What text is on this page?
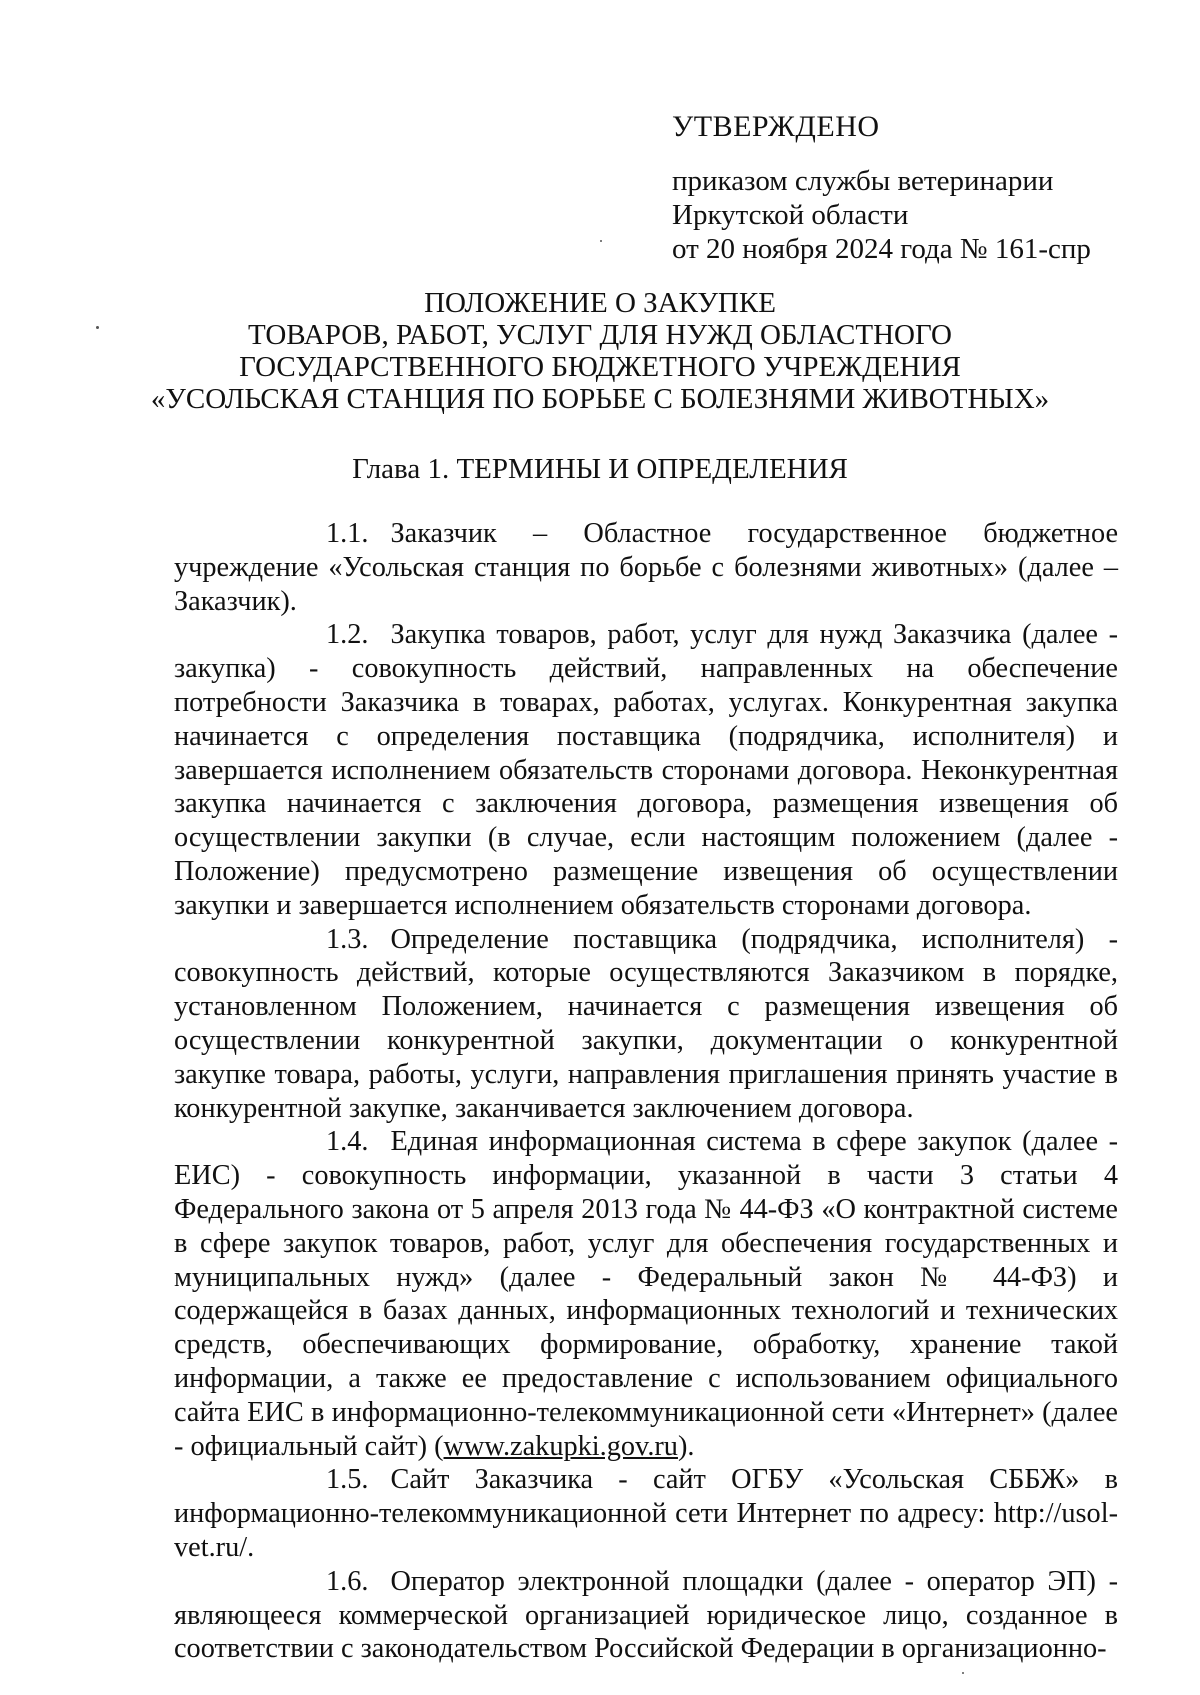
УТВЕРЖДЕНО
приказом службы ветеринарии
Иркутской области
от 20 ноября 2024 года № 161-спр
ПОЛОЖЕНИЕ О ЗАКУПКЕ
ТОВАРОВ, РАБОТ, УСЛУГ ДЛЯ НУЖД ОБЛАСТНОГО
ГОСУДАРСТВЕННОГО БЮДЖЕТНОГО УЧРЕЖДЕНИЯ
«УСОЛЬСКАЯ СТАНЦИЯ ПО БОРЬБЕ С БОЛЕЗНЯМИ ЖИВОТНЫХ»
Глава 1. ТЕРМИНЫ И ОПРЕДЕЛЕНИЯ

1.1. Заказчик – Областное государственное бюджетное учреждение «Усольская станция по борьбе с болезнями животных» (далее – Заказчик).

1.2. Закупка товаров, работ, услуг для нужд Заказчика (далее - закупка) - совокупность действий, направленных на обеспечение потребности Заказчика в товарах, работах, услугах. Конкурентная закупка начинается с определения поставщика (подрядчика, исполнителя) и завершается исполнением обязательств сторонами договора. Неконкурентная закупка начинается с заключения договора, размещения извещения об осуществлении закупки (в случае, если настоящим положением (далее - Положение) предусмотрено размещение извещения об осуществлении закупки и завершается исполнением обязательств сторонами договора.

1.3. Определение поставщика (подрядчика, исполнителя) - совокупность действий, которые осуществляются Заказчиком в порядке, установленном Положением, начинается с размещения извещения об осуществлении конкурентной закупки, документации о конкурентной закупке товара, работы, услуги, направления приглашения принять участие в конкурентной закупке, заканчивается заключением договора.

1.4. Единая информационная система в сфере закупок (далее - ЕИС) - совокупность информации, указанной в части 3 статьи 4 Федерального закона от 5 апреля 2013 года № 44-ФЗ «О контрактной системе в сфере закупок товаров, работ, услуг для обеспечения государственных и муниципальных нужд» (далее - Федеральный закон № 44-ФЗ) и содержащейся в базах данных, информационных технологий и технических средств, обеспечивающих формирование, обработку, хранение такой информации, а также ее предоставление с использованием официального сайта ЕИС в информационно-телекоммуникационной сети «Интернет» (далее - официальный сайт) (www.zakupki.gov.ru).

1.5. Сайт Заказчика - сайт ОГБУ «Усольская СББЖ» в информационно-телекоммуникационной сети Интернет по адресу: http://usol-vet.ru/.

1.6. Оператор электронной площадки (далее - оператор ЭП) - являющееся коммерческой организацией юридическое лицо, созданное в соответствии с законодательством Российской Федерации в организационно-
